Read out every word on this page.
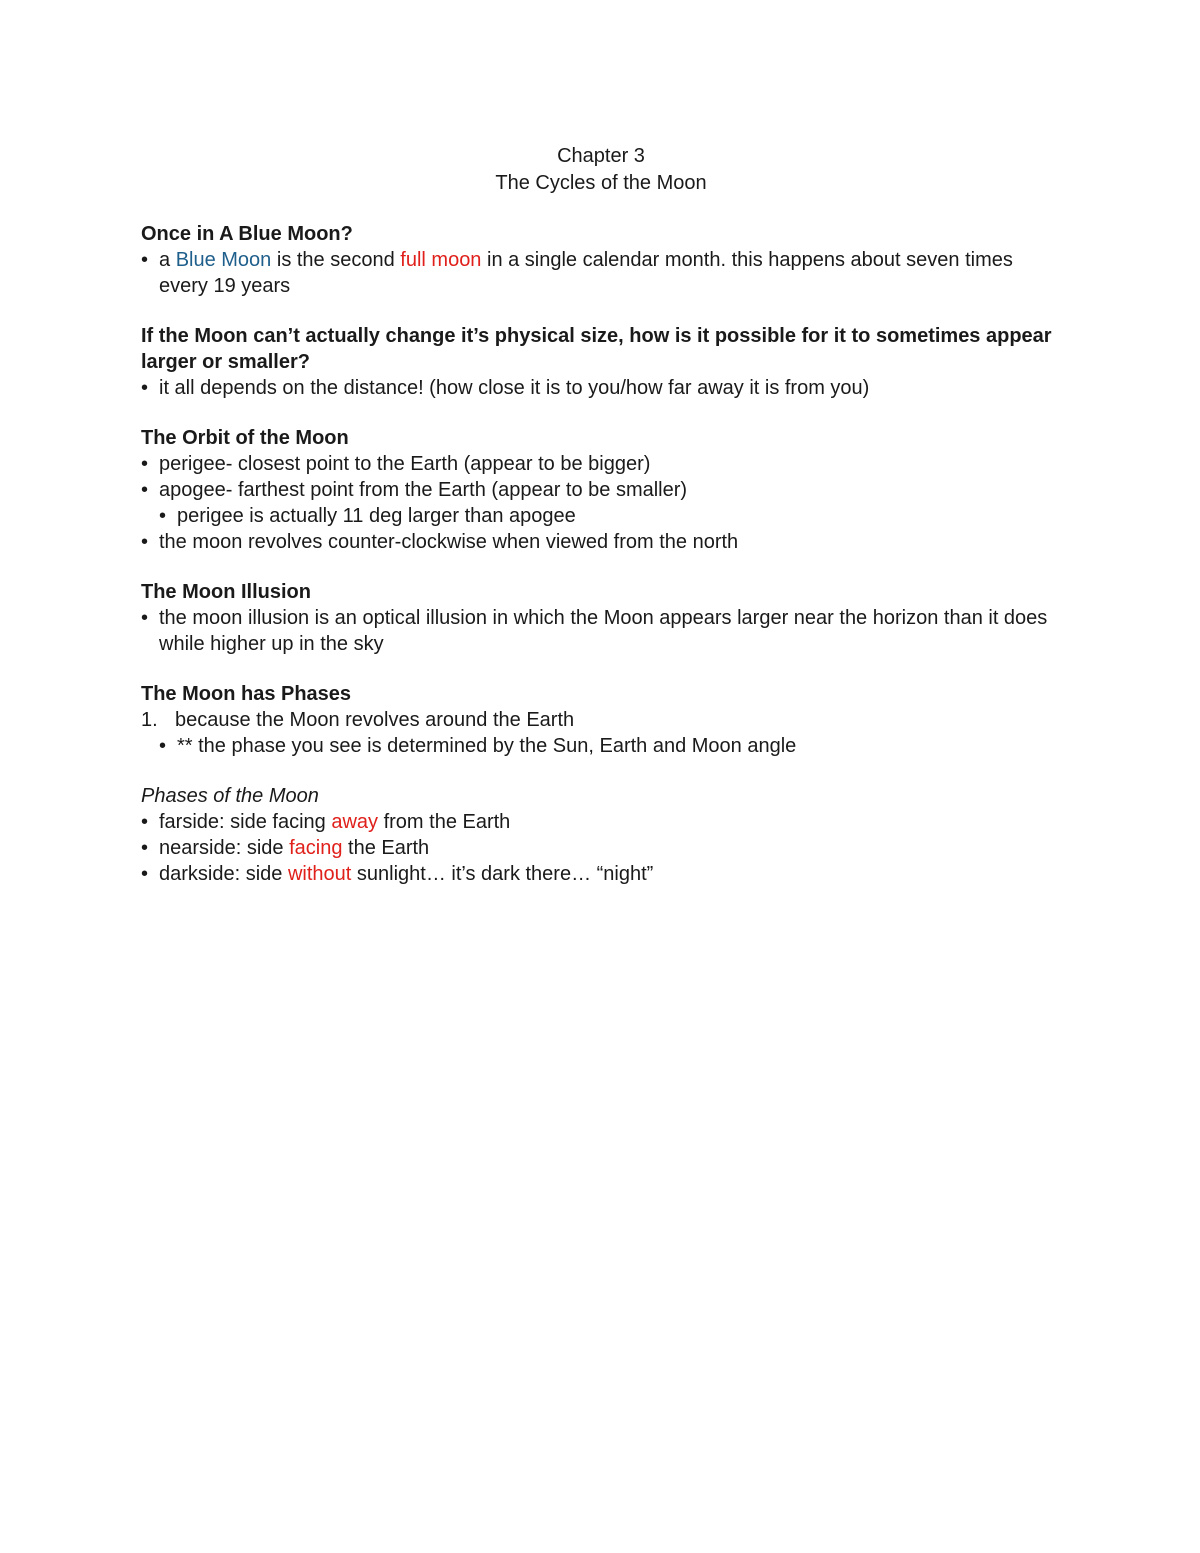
Chapter 3
The Cycles of the Moon
Once in A Blue Moon?
• a Blue Moon is the second full moon in a single calendar month. this happens about seven times every 19 years
If the Moon can’t actually change it’s physical size, how is it possible for it to sometimes appear larger or smaller?
• it all depends on the distance! (how close it is to you/how far away it is from you)
The Orbit of the Moon
• perigee- closest point to the Earth (appear to be bigger)
• apogee- farthest point from the Earth (appear to be smaller)
• perigee is actually 11 deg larger than apogee
• the moon revolves counter-clockwise when viewed from the north
The Moon Illusion
• the moon illusion is an optical illusion in which the Moon appears larger near the horizon than it does while higher up in the sky
The Moon has Phases
1. because the Moon revolves around the Earth
• ** the phase you see is determined by the Sun, Earth and Moon angle
Phases of the Moon
• farside: side facing away from the Earth
• nearside: side facing the Earth
• darkside: side without sunlight… it’s dark there… “night”
